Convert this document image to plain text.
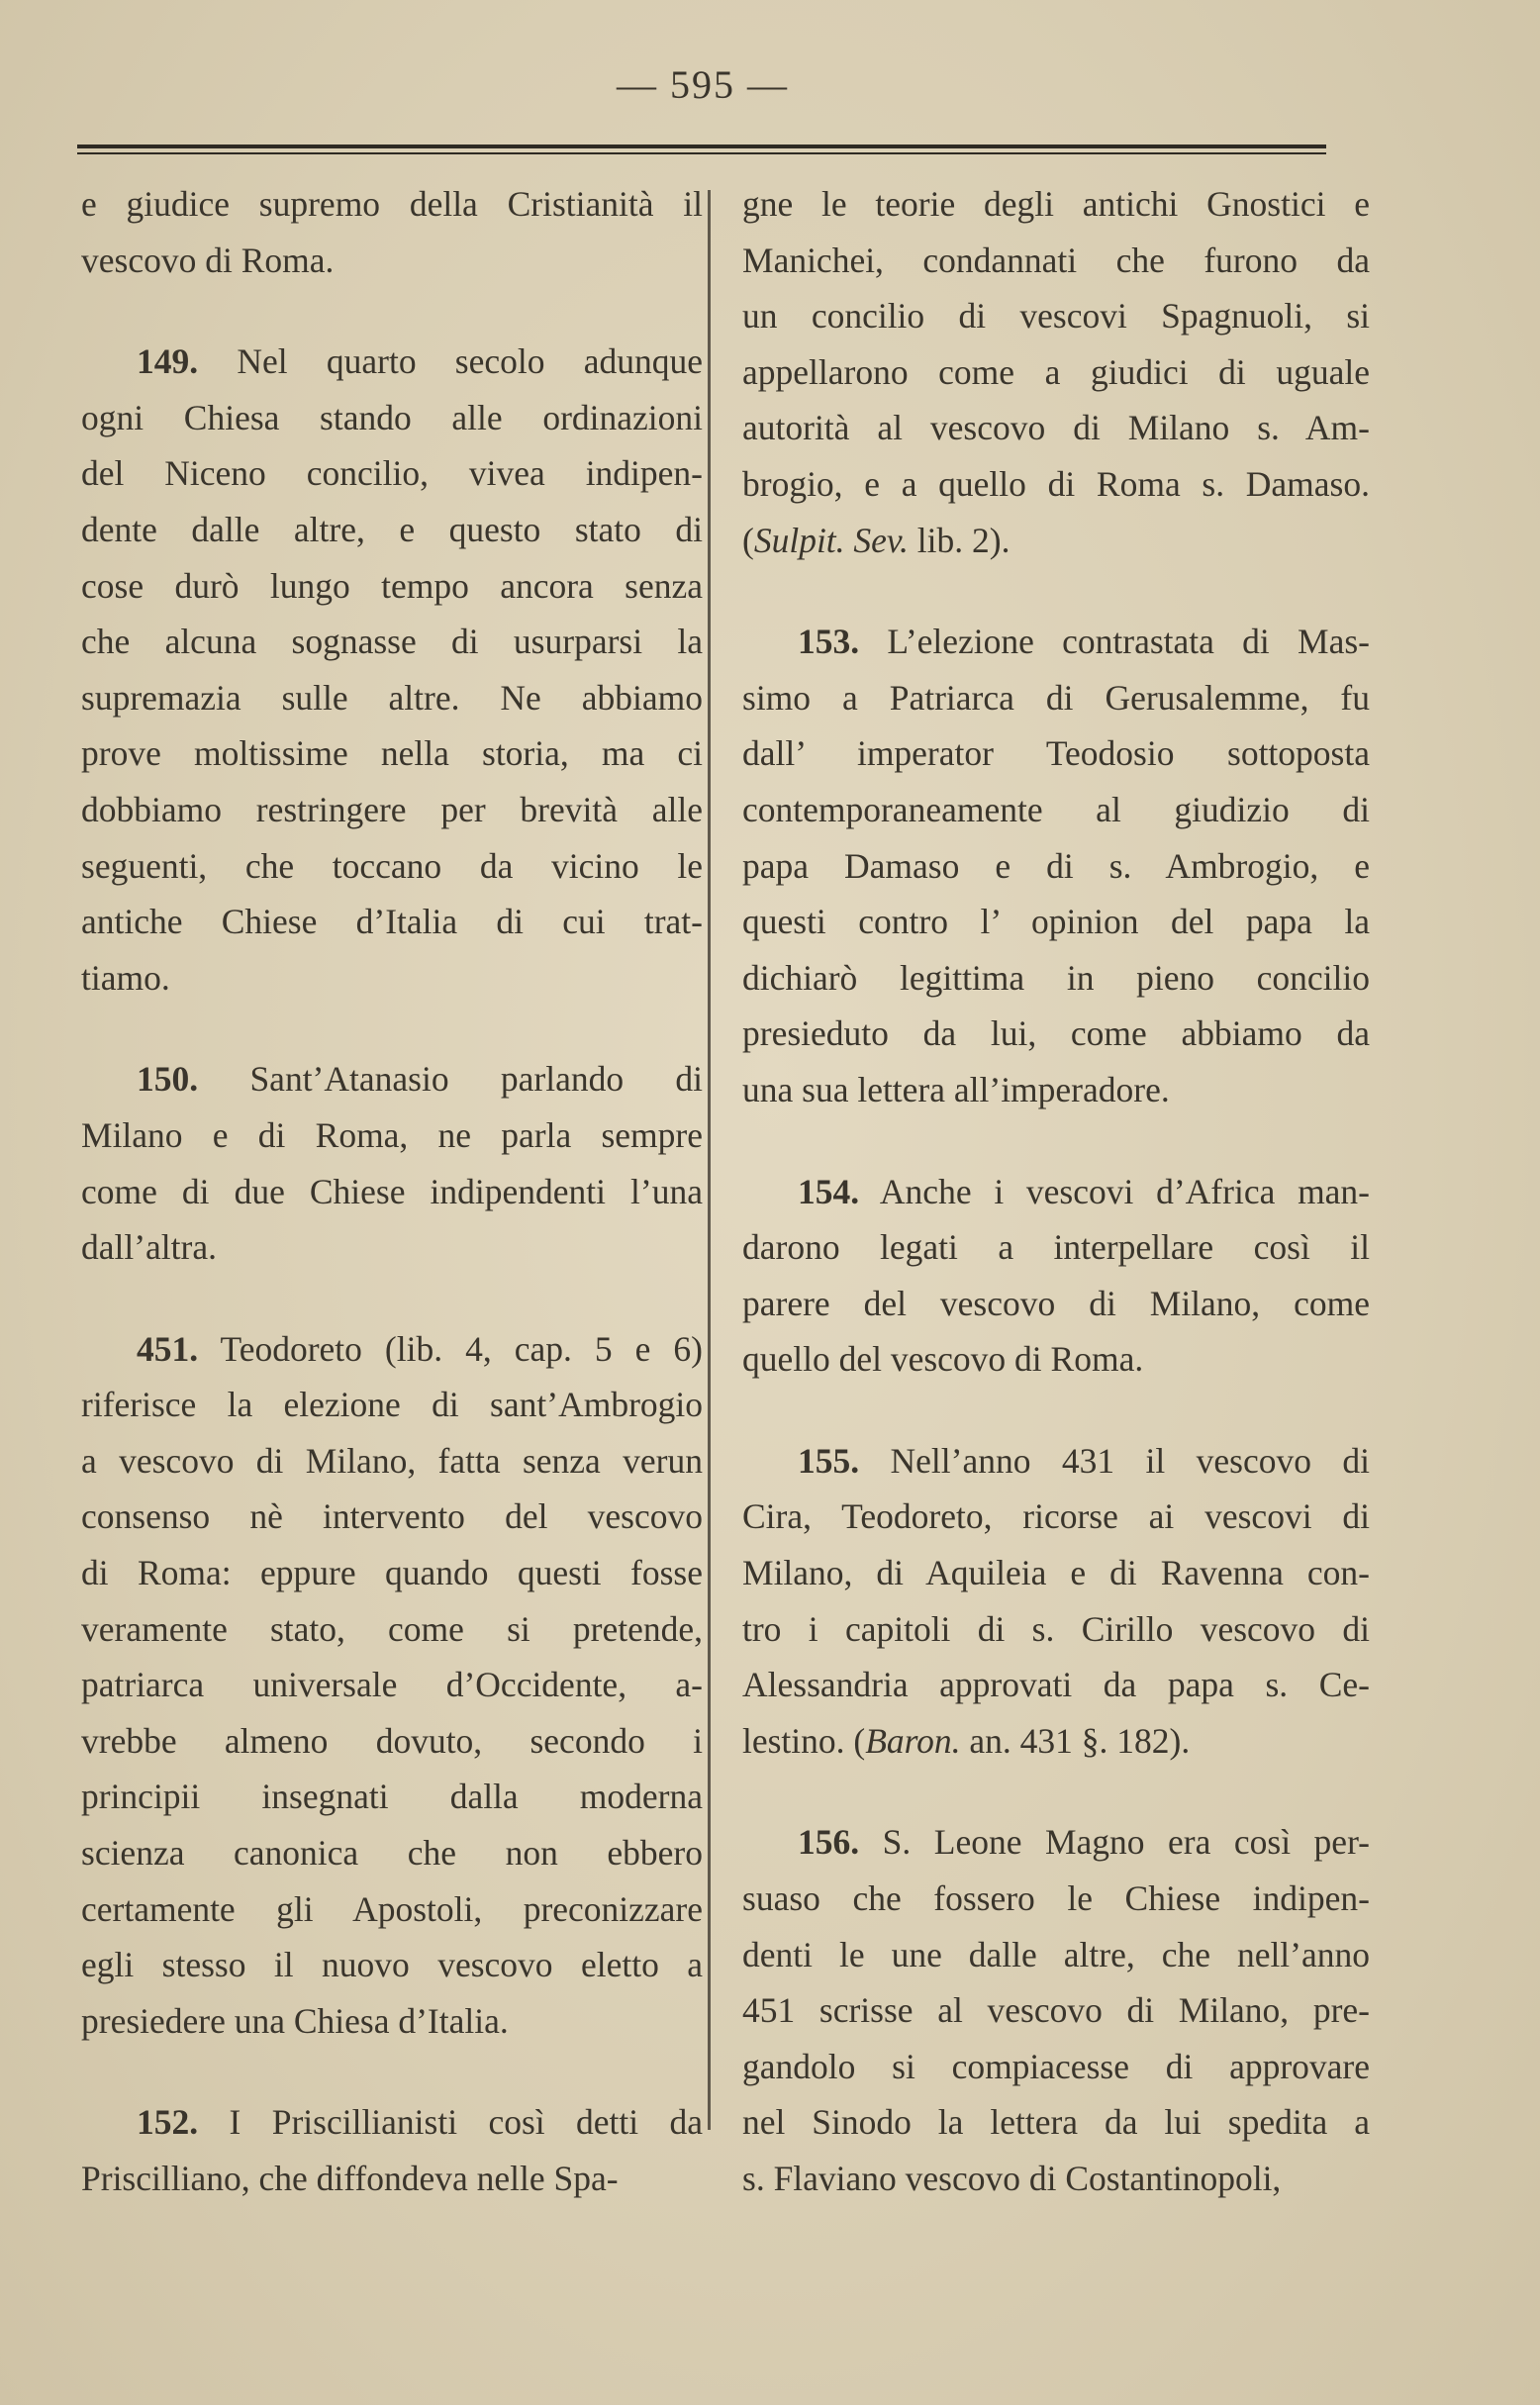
— 595 —
e giudice supremo della Cristianità il
vescovo di Roma.
149. Nel quarto secolo adunque
ogni Chiesa stando alle ordinazioni
del Niceno concilio, vivea indipen-
dente dalle altre, e questo stato di
cose durò lungo tempo ancora senza
che alcuna sognasse di usurparsi la
supremazia sulle altre. Ne abbiamo
prove moltissime nella storia, ma ci
dobbiamo restringere per brevità alle
seguenti, che toccano da vicino le
antiche Chiese d’Italia di cui trat-
tiamo.
150. Sant’Atanasio parlando di
Milano e di Roma, ne parla sempre
come di due Chiese indipendenti l’una
dall’altra.
451. Teodoreto (lib. 4, cap. 5 e 6)
riferisce la elezione di sant’Ambrogio
a vescovo di Milano, fatta senza verun
consenso nè intervento del vescovo
di Roma: eppure quando questi fosse
veramente stato, come si pretende,
patriarca universale d’Occidente, a-
vrebbe almeno dovuto, secondo i
principii insegnati dalla moderna
scienza canonica che non ebbero
certamente gli Apostoli, preconizzare
egli stesso il nuovo vescovo eletto a
presiedere una Chiesa d’Italia.
152. I Priscillianisti così detti da
Priscilliano, che diffondeva nelle Spa-
gne le teorie degli antichi Gnostici e
Manichei, condannati che furono da
un concilio di vescovi Spagnuoli, si
appellarono come a giudici di uguale
autorità al vescovo di Milano s. Am-
brogio, e a quello di Roma s. Damaso.
(Sulpit. Sev. lib. 2).
153. L’elezione contrastata di Mas-
simo a Patriarca di Gerusalemme, fu
dall’ imperator Teodosio sottoposta
contemporaneamente al giudizio di
papa Damaso e di s. Ambrogio, e
questi contro l’ opinion del papa la
dichiarò legittima in pieno concilio
presieduto da lui, come abbiamo da
una sua lettera all’imperadore.
154. Anche i vescovi d’Africa man-
darono legati a interpellare così il
parere del vescovo di Milano, come
quello del vescovo di Roma.
155. Nell’anno 431 il vescovo di
Cira, Teodoreto, ricorse ai vescovi di
Milano, di Aquileia e di Ravenna con-
tro i capitoli di s. Cirillo vescovo di
Alessandria approvati da papa s. Ce-
lestino. (Baron. an. 431 §. 182).
156. S. Leone Magno era così per-
suaso che fossero le Chiese indipen-
denti le une dalle altre, che nell’anno
451 scrisse al vescovo di Milano, pre-
gandolo si compiacesse di approvare
nel Sinodo la lettera da lui spedita a
s. Flaviano vescovo di Costantinopoli,
